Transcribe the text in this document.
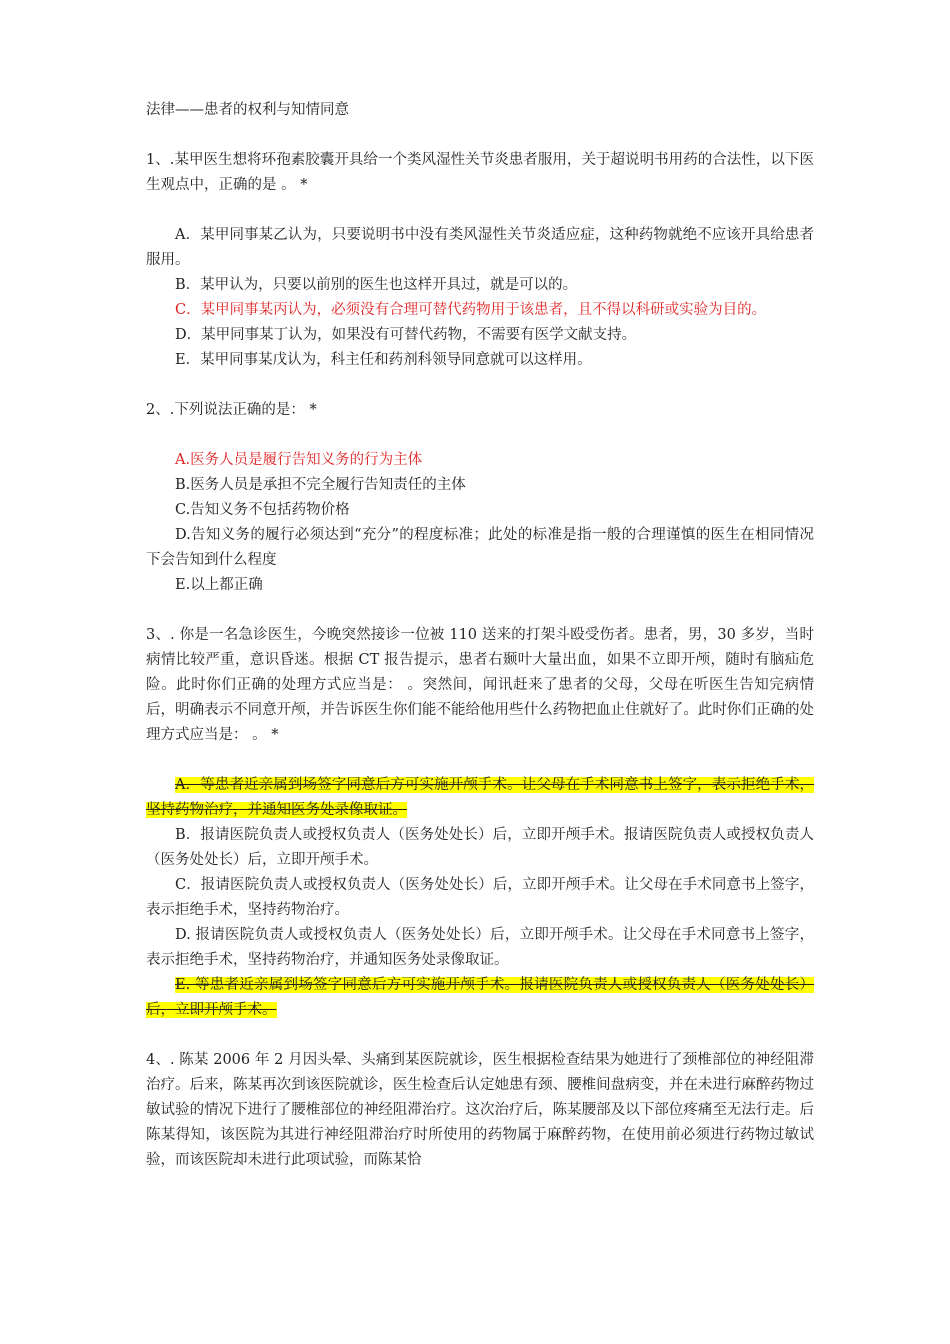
法律——患者的权利与知情同意

1、.某甲医生想将环孢素胶囊开具给一个类风湿性关节炎患者服用，关于超说明书用药的合法性，以下医生观点中，正确的是 。 *

A．某甲同事某乙认为，只要说明书中没有类风湿性关节炎适应症，这种药物就绝不应该开具给患者服用。

B．某甲认为，只要以前别的医生也这样开具过，就是可以的。

C．某甲同事某丙认为，必须没有合理可替代药物用于该患者，且不得以科研或实验为目的。

D．某甲同事某丁认为，如果没有可替代药物，不需要有医学文献支持。

E．某甲同事某戊认为，科主任和药剂科领导同意就可以这样用。

2、.下列说法正确的是： *

A.医务人员是履行告知义务的行为主体

B.医务人员是承担不完全履行告知责任的主体

C.告知义务不包括药物价格

D.告知义务的履行必须达到“充分”的程度标准；此处的标准是指一般的合理谨慎的医生在相同情况下会告知到什么程度

E.以上都正确

3、. 你是一名急诊医生，今晚突然接诊一位被 110 送来的打架斗殴受伤者。患者，男，30 多岁，当时病情比较严重，意识昏迷。根据 CT 报告提示，患者右颞叶大量出血，如果不立即开颅，随时有脑疝危险。此时你们正确的处理方式应当是： 。突然间，闻讯赶来了患者的父母，父母在听医生告知完病情后，明确表示不同意开颅，并告诉医生你们能不能给他用些什么药物把血止住就好了。此时你们正确的处理方式应当是： 。 *

A．等患者近亲属到场签字同意后方可实施开颅手术。让父母在手术同意书上签字，表示拒绝手术，坚持药物治疗，并通知医务处录像取证。

B．报请医院负责人或授权负责人（医务处处长）后，立即开颅手术。报请医院负责人或授权负责人（医务处处长）后，立即开颅手术。

C．报请医院负责人或授权负责人（医务处处长）后，立即开颅手术。让父母在手术同意书上签字，表示拒绝手术，坚持药物治疗。

D. 报请医院负责人或授权负责人（医务处处长）后，立即开颅手术。让父母在手术同意书上签字，表示拒绝手术，坚持药物治疗，并通知医务处录像取证。

E. 等患者近亲属到场签字同意后方可实施开颅手术。报请医院负责人或授权负责人（医务处处长）后，立即开颅手术。

4、. 陈某 2006 年 2 月因头晕、头痛到某医院就诊，医生根据检查结果为她进行了颈椎部位的神经阻滞治疗。后来，陈某再次到该医院就诊，医生检查后认定她患有颈、腰椎间盘病变，并在未进行麻醉药物过敏试验的情况下进行了腰椎部位的神经阻滞治疗。这次治疗后，陈某腰部及以下部位疼痛至无法行走。后陈某得知，该医院为其进行神经阻滞治疗时所使用的药物属于麻醉药物，在使用前必须进行药物过敏试验，而该医院却未进行此项试验，而陈某恰
